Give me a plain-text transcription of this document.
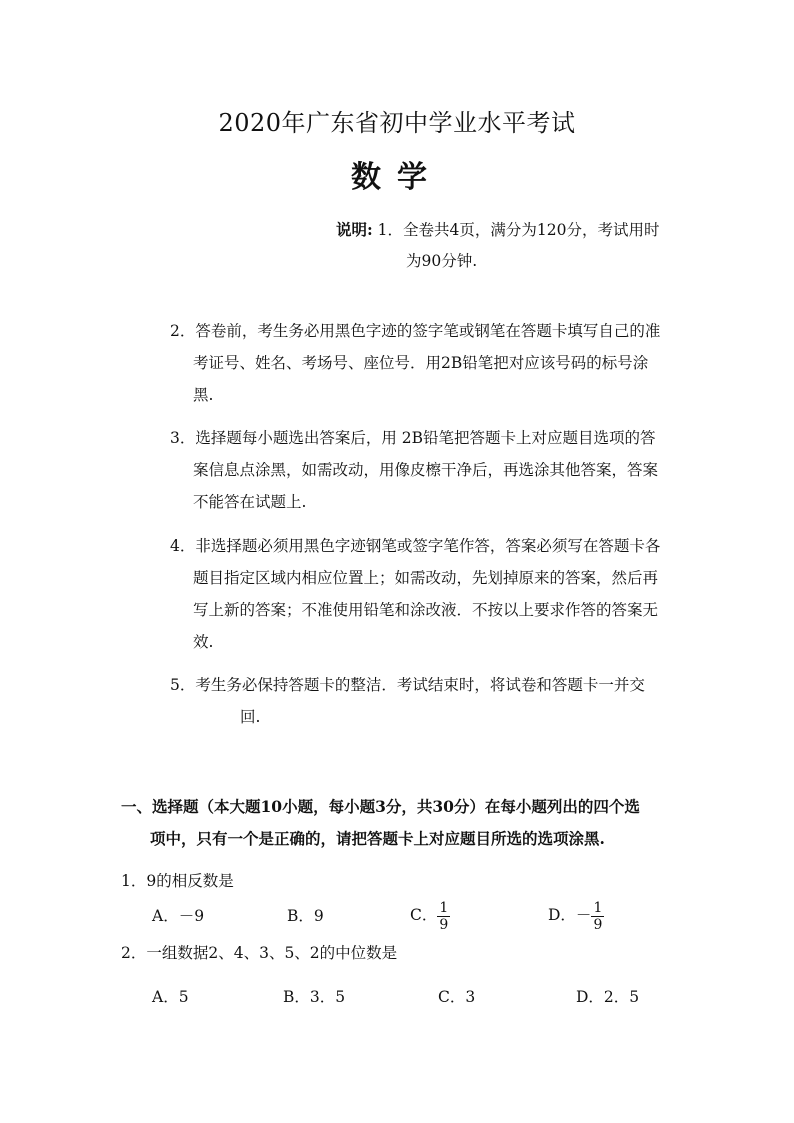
2020年广东省初中学业水平考试
数学
说明: 1．全卷共4页，满分为120分，考试用时
为90分钟.
2．答卷前，考生务必用黑色字迹的签字笔或钢笔在答题卡填写自己的准
考证号、姓名、考场号、座位号．用2B铅笔把对应该号码的标号涂
黑.
3．选择题每小题选出答案后，用 2B铅笔把答题卡上对应题目选项的答
案信息点涂黑，如需改动，用像皮檫干净后，再选涂其他答案，答案
不能答在试题上.
4．非选择题必须用黑色字迹钢笔或签字笔作答，答案必须写在答题卡各
题目指定区域内相应位置上；如需改动，先划掉原来的答案，然后再
写上新的答案；不准使用铅笔和涂改液．不按以上要求作答的答案无
效.
5．考生务必保持答题卡的整洁．考试结束时，将试卷和答题卡一并交
回.
一、选择题（本大题10小题，每小题3分，共30分）在每小题列出的四个选
项中，只有一个是正确的，请把答题卡上对应题目所选的选项涂黑.
1．9的相反数是
A．－9	B．9	C． $\frac{1}{9}$	D．－ $\frac{1}{9}$
2．一组数据2、4、3、5、2的中位数是
A．5	B．3．5	C．3	D．2．5
